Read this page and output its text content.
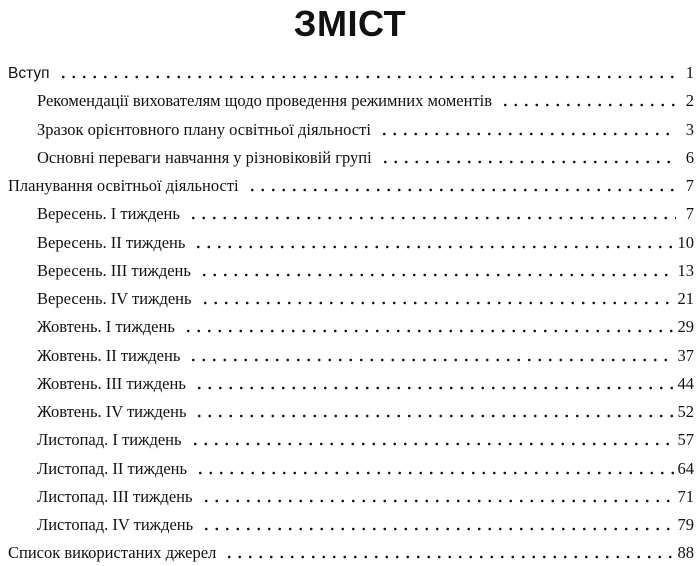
ЗМІСТ
Вступ	1
Рекомендації вихователям щодо проведення режимних моментів	2
Зразок орієнтовного плану освітньої діяльності	3
Основні переваги навчання у різновіковій групі	6
Планування освітньої діяльності	7
Вересень. І тиждень	7
Вересень. ІІ тиждень	10
Вересень. ІІІ тиждень	13
Вересень. ІV тиждень	21
Жовтень. І тиждень	29
Жовтень. ІІ тиждень	37
Жовтень. ІІІ тиждень	44
Жовтень. ІV тиждень	52
Листопад. І тиждень	57
Листопад. ІІ тиждень	64
Листопад. ІІІ тиждень	71
Листопад. ІV тиждень	79
Список використаних джерел	88
